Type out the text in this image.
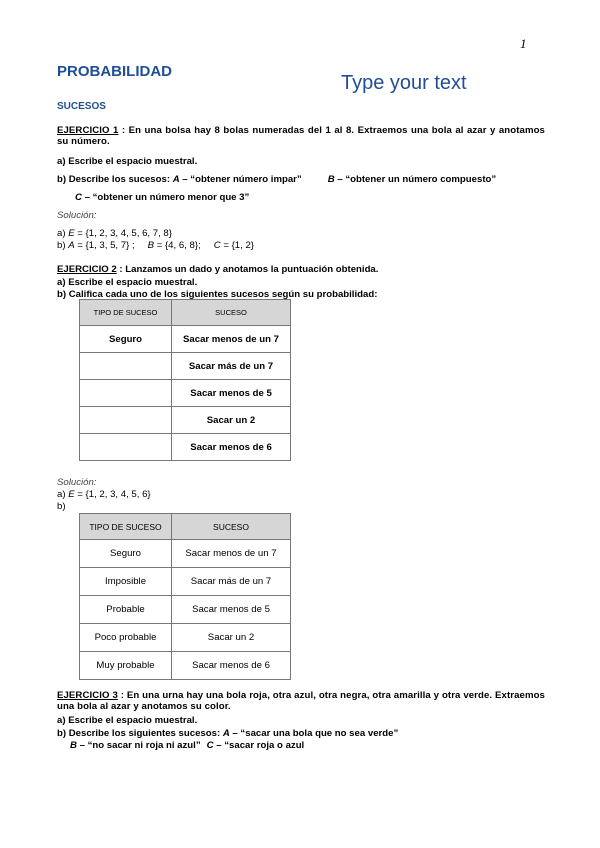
1
PROBABILIDAD
Type your text
SUCESOS
EJERCICIO 1 : En una bolsa hay 8 bolas numeradas del 1 al 8. Extraemos una bola al azar y anotamos su número.
a) Escribe el espacio muestral.
b) Describe los sucesos: A – “obtener número impar”	B – “obtener un número compuesto”
C – “obtener un número menor que 3”
Solución:
a) E = {1, 2, 3, 4, 5, 6, 7, 8}
b) A = {1, 3, 5, 7} ; B = {4, 6, 8}; C = {1, 2}
EJERCICIO 2 : Lanzamos un dado y anotamos la puntuación obtenida.
a) Escribe el espacio muestral.
b) Califica cada uno de los siguientes sucesos según su probabilidad:
TIPO DE SUCESO	SUCESO
Seguro	Sacar menos de un 7
	Sacar más de un 7
	Sacar menos de 5
	Sacar un 2
	Sacar menos de 6
Solución:
a) E = {1, 2, 3, 4, 5, 6}
b)
TIPO DE SUCESO	SUCESO
Seguro	Sacar menos de un 7
Imposible	Sacar más de un 7
Probable	Sacar menos de 5
Poco probable	Sacar un 2
Muy probable	Sacar menos de 6
EJERCICIO 3 : En una urna hay una bola roja, otra azul, otra negra, otra amarilla y otra verde. Extraemos una bola al azar y anotamos su color.
a) Escribe el espacio muestral.
b) Describe los siguientes sucesos: A – “sacar una bola que no sea verde”
B – “no sacar ni roja ni azul” C – “sacar roja o azul
